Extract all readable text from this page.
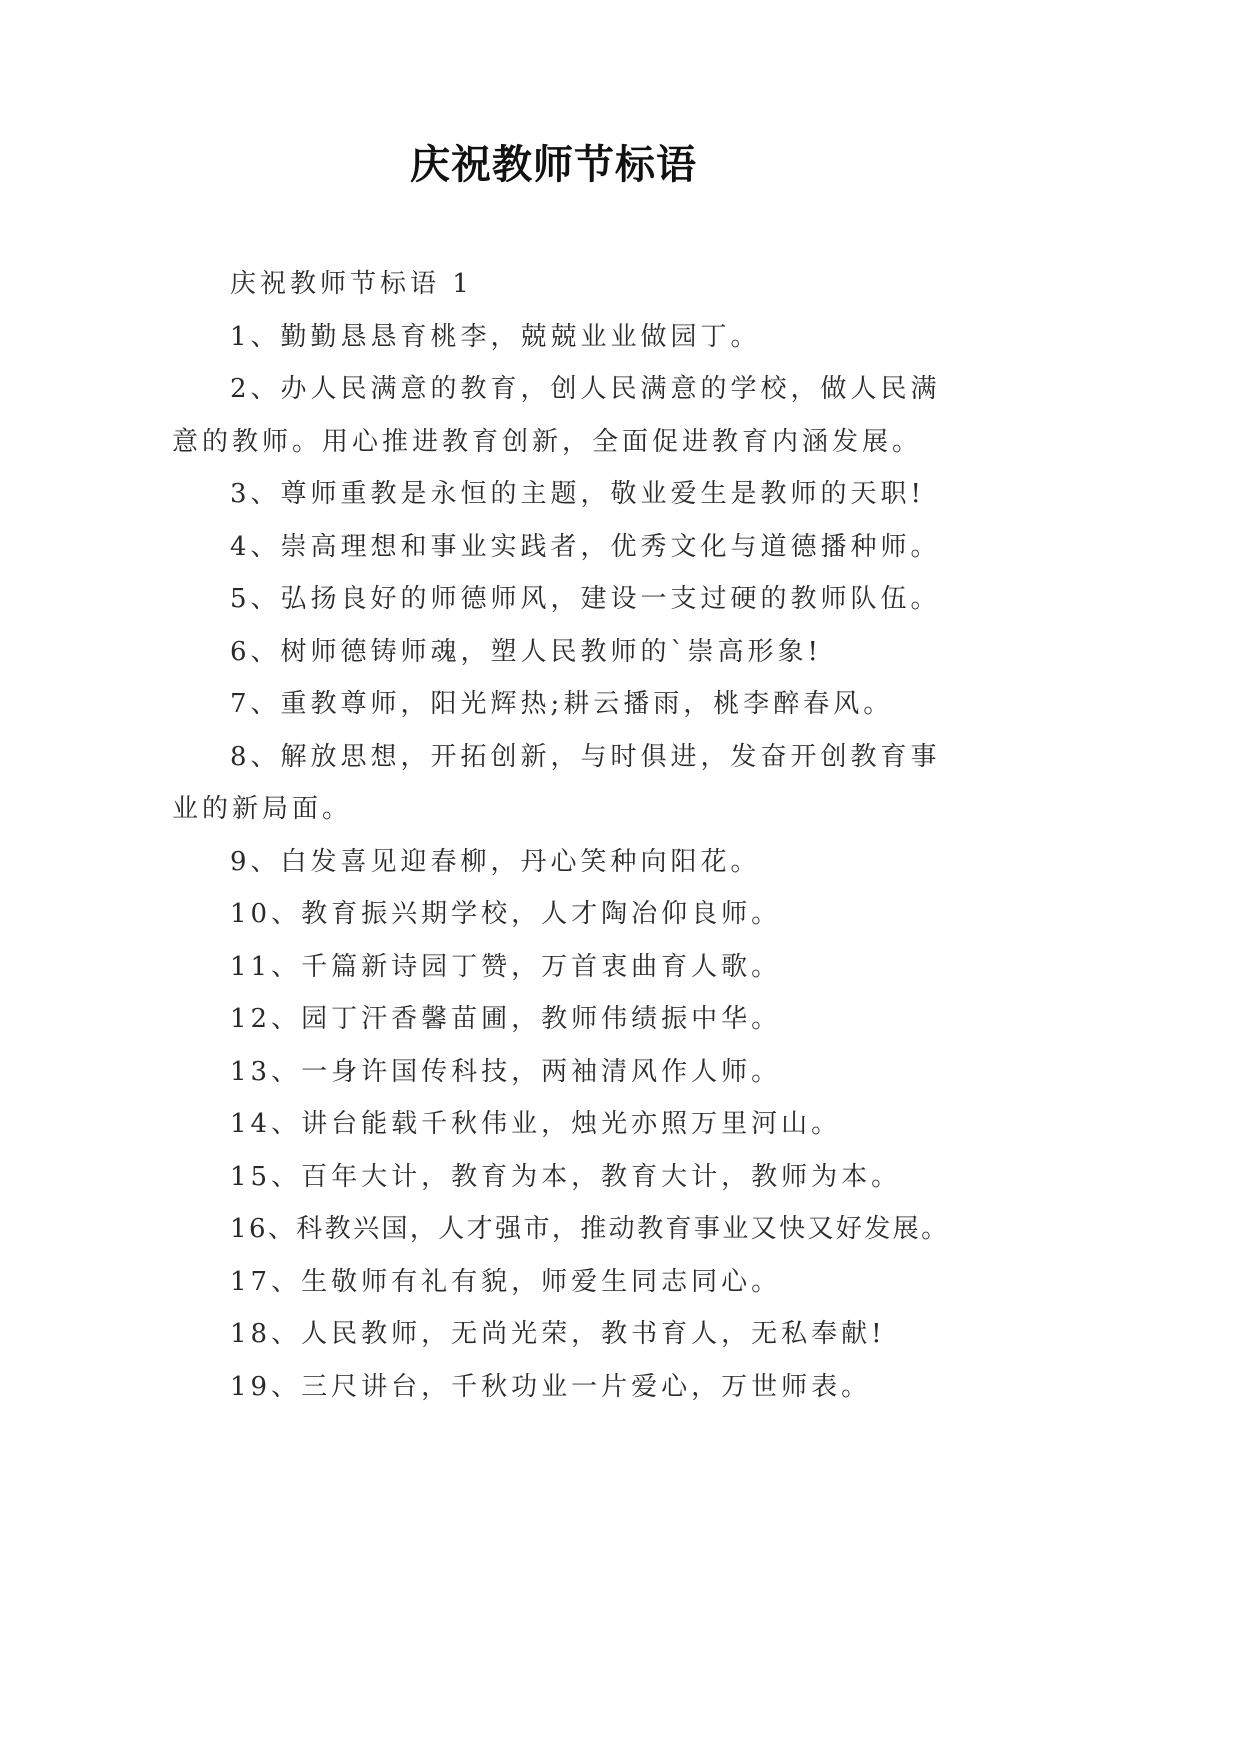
庆祝教师节标语
庆祝教师节标语 1
1、勤勤恳恳育桃李，兢兢业业做园丁。
2、办人民满意的教育，创人民满意的学校，做人民满
意的教师。用心推进教育创新，全面促进教育内涵发展。
3、尊师重教是永恒的主题，敬业爱生是教师的天职!
4、崇高理想和事业实践者，优秀文化与道德播种师。
5、弘扬良好的师德师风，建设一支过硬的教师队伍。
6、树师德铸师魂，塑人民教师的`崇高形象!
7、重教尊师，阳光辉热;耕云播雨，桃李醉春风。
8、解放思想，开拓创新，与时俱进，发奋开创教育事
业的新局面。
9、白发喜见迎春柳，丹心笑种向阳花。
10、教育振兴期学校，人才陶冶仰良师。
11、千篇新诗园丁赞，万首衷曲育人歌。
12、园丁汗香馨苗圃，教师伟绩振中华。
13、一身许国传科技，两袖清风作人师。
14、讲台能载千秋伟业，烛光亦照万里河山。
15、百年大计，教育为本，教育大计，教师为本。
16、科教兴国，人才强市，推动教育事业又快又好发展。
17、生敬师有礼有貌，师爱生同志同心。
18、人民教师，无尚光荣，教书育人，无私奉献!
19、三尺讲台，千秋功业一片爱心，万世师表。
